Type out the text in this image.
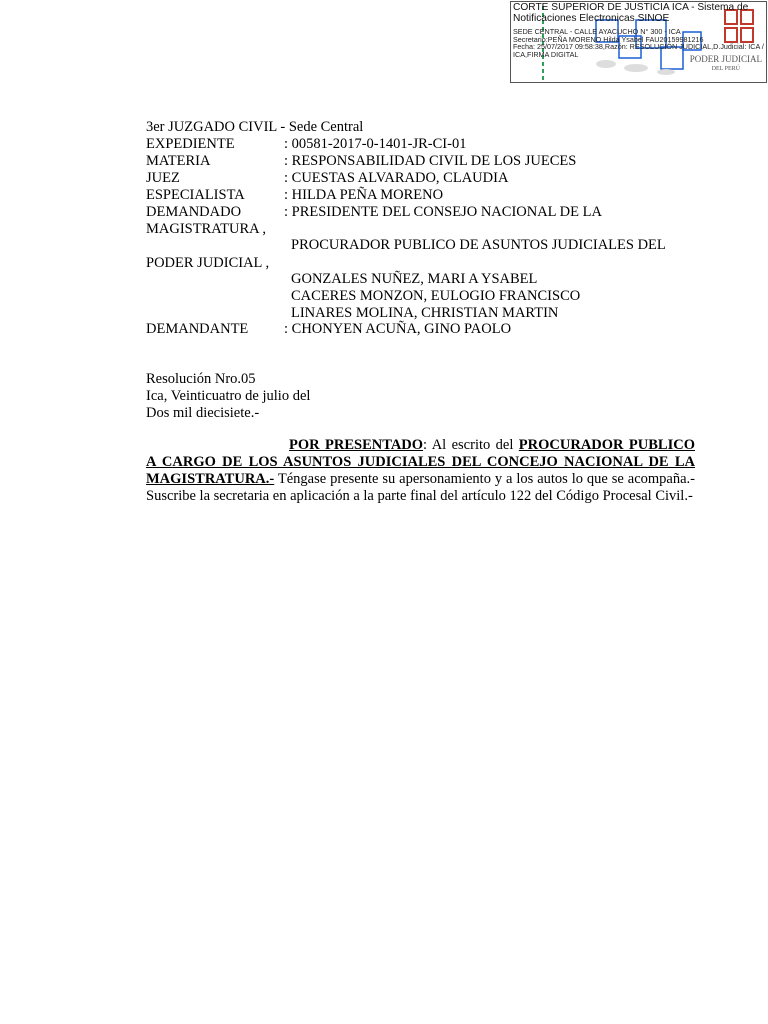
CORTE SUPERIOR DE JUSTICIA ICA - Sistema de Notificaciones Electronicas SINOE
SEDE CENTRAL - CALLE AYACUCHO N° 300 - ICA
Secretario:PEÑA MORENO Hilda Ysabel FAU20159981216
Fecha: 25/07/2017 09:58:38,Razón: RESOLUCIÓN JUDICIAL,D.Judicial: ICA / ICA,FIRMA DIGITAL	PODER JUDICIAL
DEL PERÚ
3er JUZGADO CIVIL - Sede Central
EXPEDIENTE	: 00581-2017-0-1401-JR-CI-01
MATERIA	: RESPONSABILIDAD CIVIL DE LOS JUECES
JUEZ	: CUESTAS ALVARADO, CLAUDIA
ESPECIALISTA	: HILDA PEÑA MORENO
DEMANDADO	: PRESIDENTE DEL CONSEJO NACIONAL DE LA
MAGISTRATURA ,
PROCURADOR PUBLICO DE ASUNTOS JUDICIALES DEL
PODER JUDICIAL ,
GONZALES NUÑEZ, MARI A YSABEL
CACERES MONZON, EULOGIO FRANCISCO
LINARES MOLINA, CHRISTIAN MARTIN
DEMANDANTE : CHONYEN ACUÑA, GINO PAOLO
Resolución Nro.05
Ica, Veinticuatro de julio del
Dos mil diecisiete.-
POR PRESENTADO: Al escrito del PROCURADOR PUBLICO A CARGO DE LOS ASUNTOS JUDICIALES DEL CONCEJO NACIONAL DE LA MAGISTRATURA.- Téngase presente su apersonamiento y a los autos lo que se acompaña.- Suscribe la secretaria en aplicación a la parte final del artículo 122 del Código Procesal Civil.-
